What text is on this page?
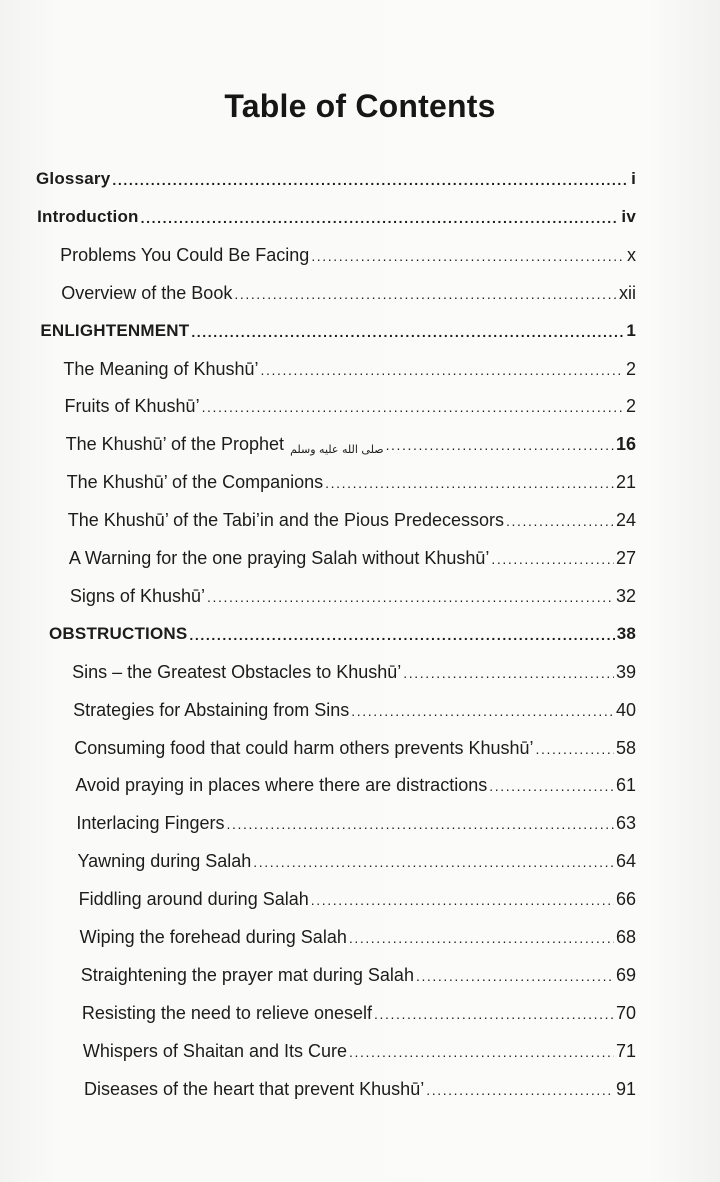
Table of Contents
Glossary .....	i
Introduction .....	iv
Problems You Could Be Facing .....	x
Overview of the Book .....	xii
ENLIGHTENMENT .....	1
The Meaning of Khushū’ .....	2
Fruits of Khushū’ .....	2
The Khushū’ of the Prophet صلى الله عليه وسلم .....	16
The Khushū’ of the Companions .....	21
The Khushū’ of the Tabi’in and the Pious Predecessors .....	24
A Warning for the one praying Salah without Khushū’ .....	27
Signs of Khushū’ .....	32
OBSTRUCTIONS .....	38
Sins – the Greatest Obstacles to Khushū’ .....	39
Strategies for Abstaining from Sins .....	40
Consuming food that could harm others prevents Khushū’ .....	58
Avoid praying in places where there are distractions .....	61
Interlacing Fingers .....	63
Yawning during Salah .....	64
Fiddling around during Salah .....	66
Wiping the forehead during Salah .....	68
Straightening the prayer mat during Salah .....	69
Resisting the need to relieve oneself .....	70
Whispers of Shaitan and Its Cure .....	71
Diseases of the heart that prevent Khushū’ .....	91
